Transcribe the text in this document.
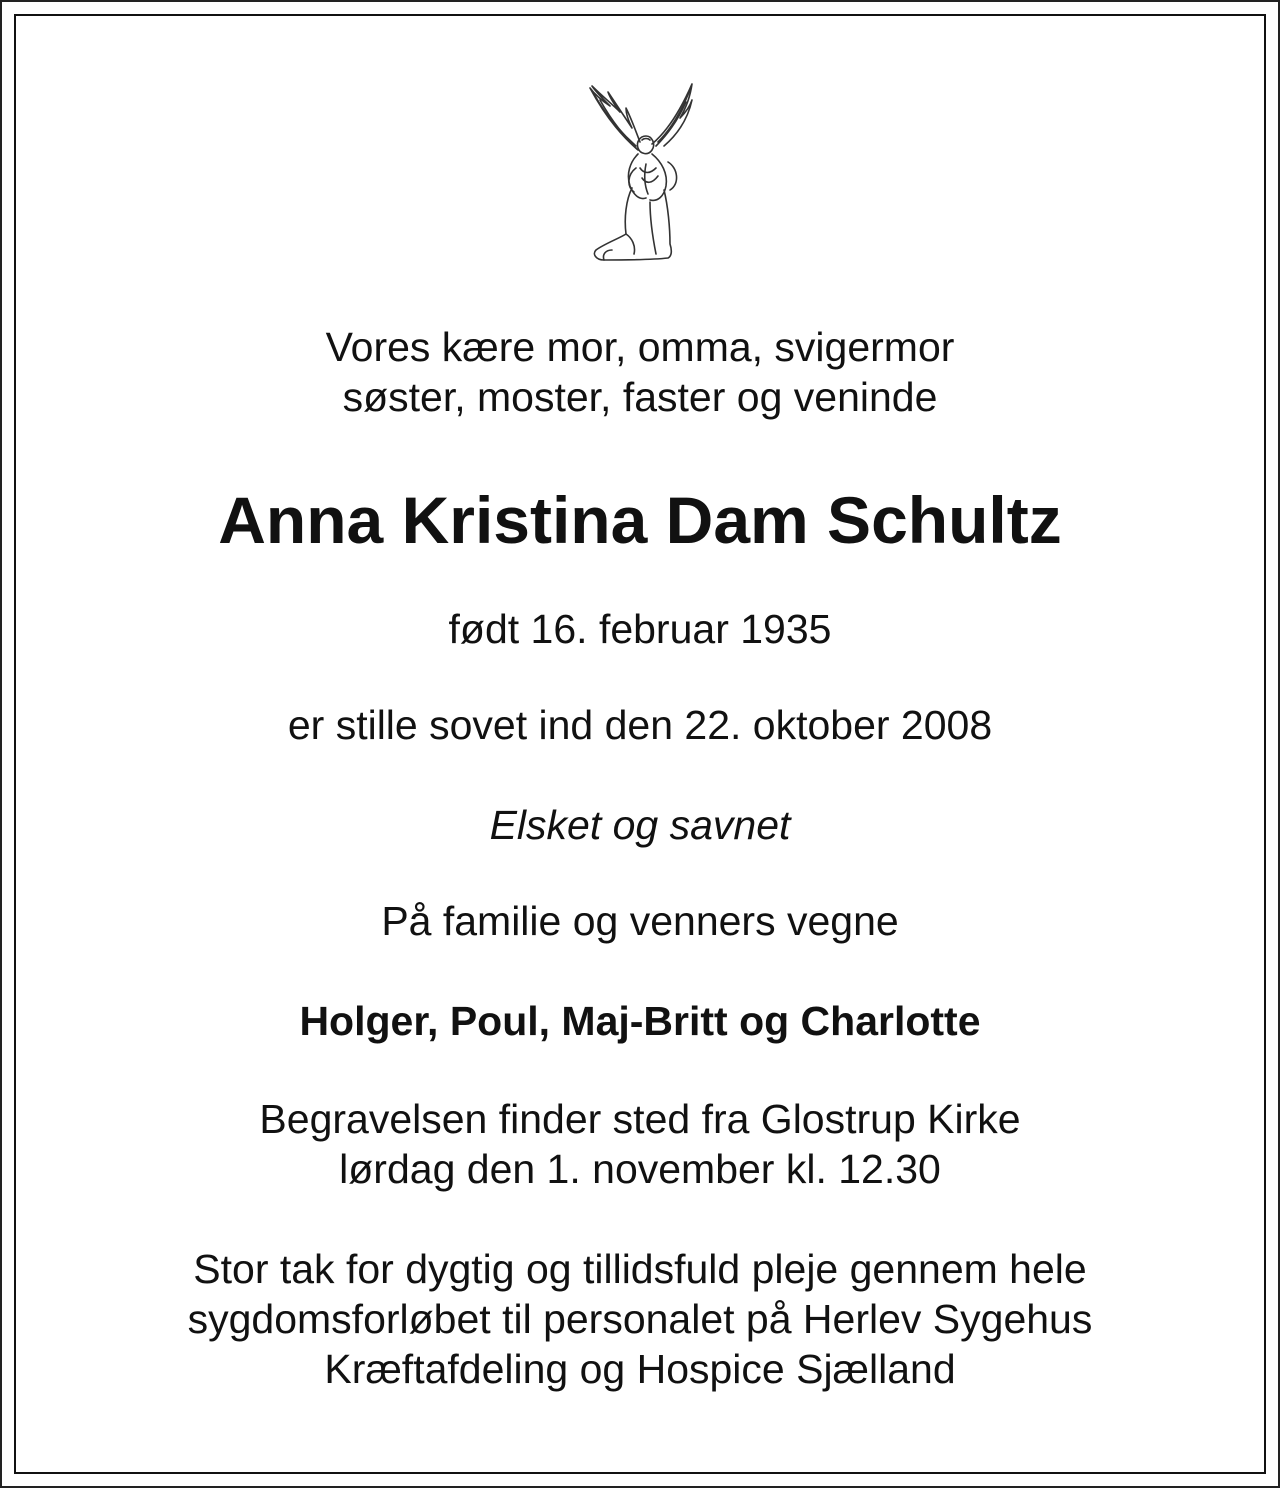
Vores kære mor, omma, svigermor

søster, moster, faster og veninde

Anna Kristina Dam Schultz

født 16. februar 1935

er stille sovet ind den 22. oktober 2008

Elsket og savnet

På familie og venners vegne

Holger, Poul, Maj-Britt og Charlotte

Begravelsen finder sted fra Glostrup Kirke

lørdag den 1. november kl. 12.30

Stor tak for dygtig og tillidsfuld pleje gennem hele

sygdomsforløbet til personalet på Herlev Sygehus

Kræftafdeling og Hospice Sjælland
